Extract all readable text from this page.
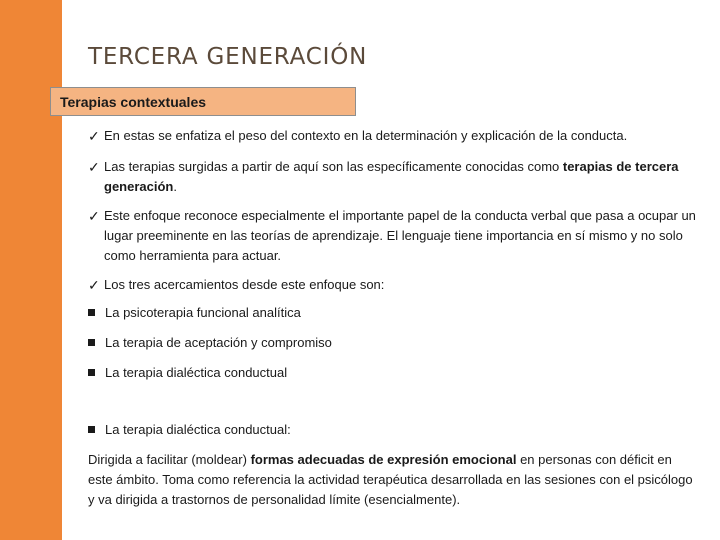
TERCERA GENERACIÓN
Terapias contextuales
✓ En estas se enfatiza el peso del contexto en la determinación y explicación de la conducta.
✓ Las terapias surgidas a partir de aquí son las específicamente conocidas como terapias de tercera generación.
✓ Este enfoque reconoce especialmente el importante papel de la conducta verbal que pasa a ocupar un lugar preeminente en las teorías de aprendizaje. El lenguaje tiene importancia en sí mismo y no solo como herramienta para actuar.
✓ Los tres acercamientos desde este enfoque son:
La psicoterapia funcional analítica
La terapia de aceptación y compromiso
La terapia dialéctica conductual
La terapia dialéctica conductual:
Dirigida a facilitar (moldear) formas adecuadas de expresión emocional en personas con déficit en este ámbito. Toma como referencia la actividad terapéutica desarrollada en las sesiones con el psicólogo y va dirigida a trastornos de personalidad límite (esencialmente).
